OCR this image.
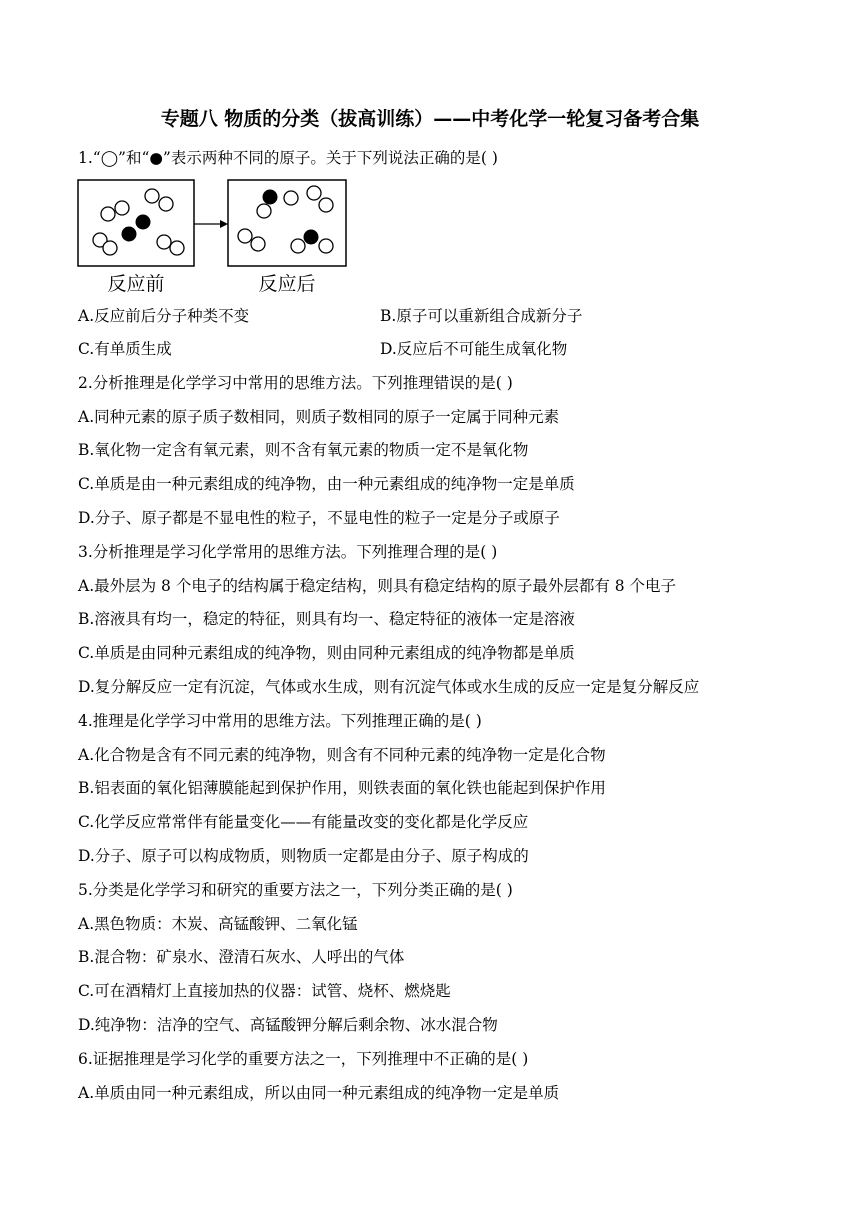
专题八 物质的分类（拔高训练）——中考化学一轮复习备考合集
1.“◯”和“●”表示两种不同的原子。关于下列说法正确的是( )
反应前	反应后
A.反应前后分子种类不变	B.原子可以重新组合成新分子
C.有单质生成	D.反应后不可能生成氧化物
2.分析推理是化学学习中常用的思维方法。下列推理错误的是( )
A.同种元素的原子质子数相同，则质子数相同的原子一定属于同种元素
B.氧化物一定含有氧元素，则不含有氧元素的物质一定不是氧化物
C.单质是由一种元素组成的纯净物，由一种元素组成的纯净物一定是单质
D.分子、原子都是不显电性的粒子，不显电性的粒子一定是分子或原子
3.分析推理是学习化学常用的思维方法。下列推理合理的是( )
A.最外层为 8 个电子的结构属于稳定结构，则具有稳定结构的原子最外层都有 8 个电子
B.溶液具有均一，稳定的特征，则具有均一、稳定特征的液体一定是溶液
C.单质是由同种元素组成的纯净物，则由同种元素组成的纯净物都是单质
D.复分解反应一定有沉淀，气体或水生成，则有沉淀气体或水生成的反应一定是复分解反应
4.推理是化学学习中常用的思维方法。下列推理正确的是( )
A.化合物是含有不同元素的纯净物，则含有不同种元素的纯净物一定是化合物
B.铝表面的氧化铝薄膜能起到保护作用，则铁表面的氧化铁也能起到保护作用
C.化学反应常常伴有能量变化——有能量改变的变化都是化学反应
D.分子、原子可以构成物质，则物质一定都是由分子、原子构成的
5.分类是化学学习和研究的重要方法之一，下列分类正确的是( )
A.黑色物质：木炭、高锰酸钾、二氧化锰
B.混合物：矿泉水、澄清石灰水、人呼出的气体
C.可在酒精灯上直接加热的仪器：试管、烧杯、燃烧匙
D.纯净物：洁净的空气、高锰酸钾分解后剩余物、冰水混合物
6.证据推理是学习化学的重要方法之一，下列推理中不正确的是( )
A.单质由同一种元素组成，所以由同一种元素组成的纯净物一定是单质
